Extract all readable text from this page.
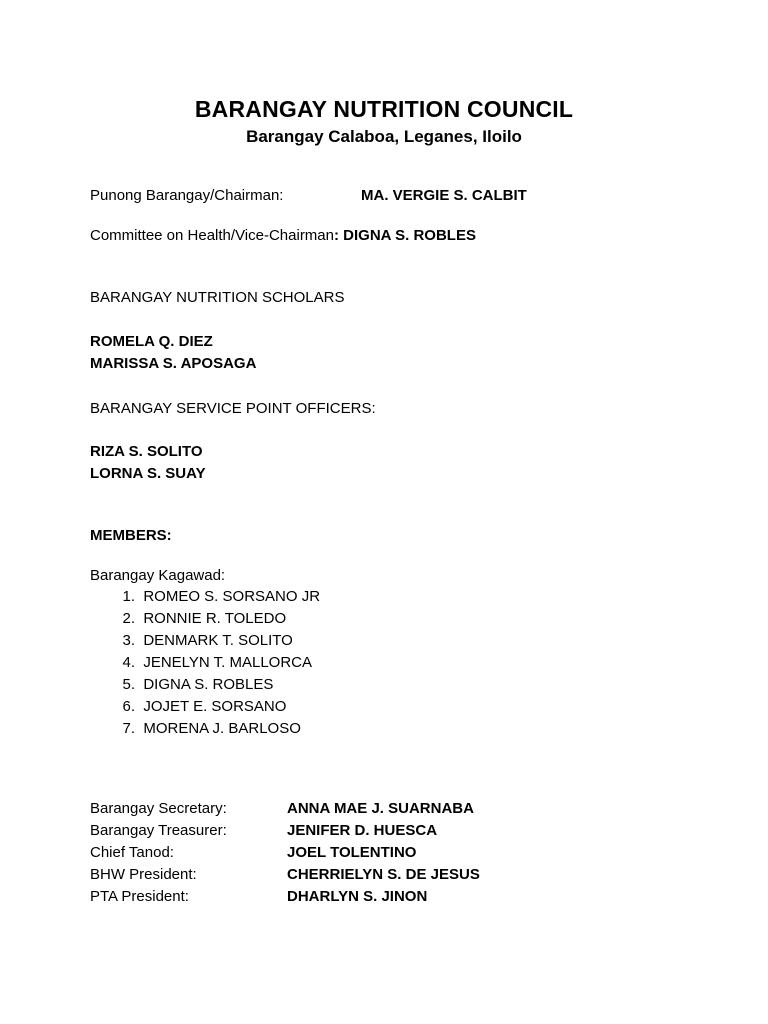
BARANGAY NUTRITION COUNCIL
Barangay Calaboa, Leganes, Iloilo
Punong Barangay/Chairman:	MA. VERGIE S. CALBIT
Committee on Health/Vice-Chairman: DIGNA S. ROBLES
BARANGAY NUTRITION SCHOLARS
ROMELA Q. DIEZ
MARISSA S. APOSAGA
BARANGAY SERVICE POINT OFFICERS:
RIZA S. SOLITO
LORNA S. SUAY
MEMBERS:
Barangay Kagawad:
1. ROMEO S. SORSANO JR
2. RONNIE R. TOLEDO
3. DENMARK T. SOLITO
4. JENELYN T. MALLORCA
5. DIGNA S. ROBLES
6. JOJET E. SORSANO
7. MORENA J. BARLOSO
Barangay Secretary:	ANNA MAE J. SUARNABA
Barangay Treasurer:	JENIFER D. HUESCA
Chief Tanod:	JOEL TOLENTINO
BHW President:	CHERRIELYN S. DE JESUS
PTA President:	DHARLYN S. JINON
